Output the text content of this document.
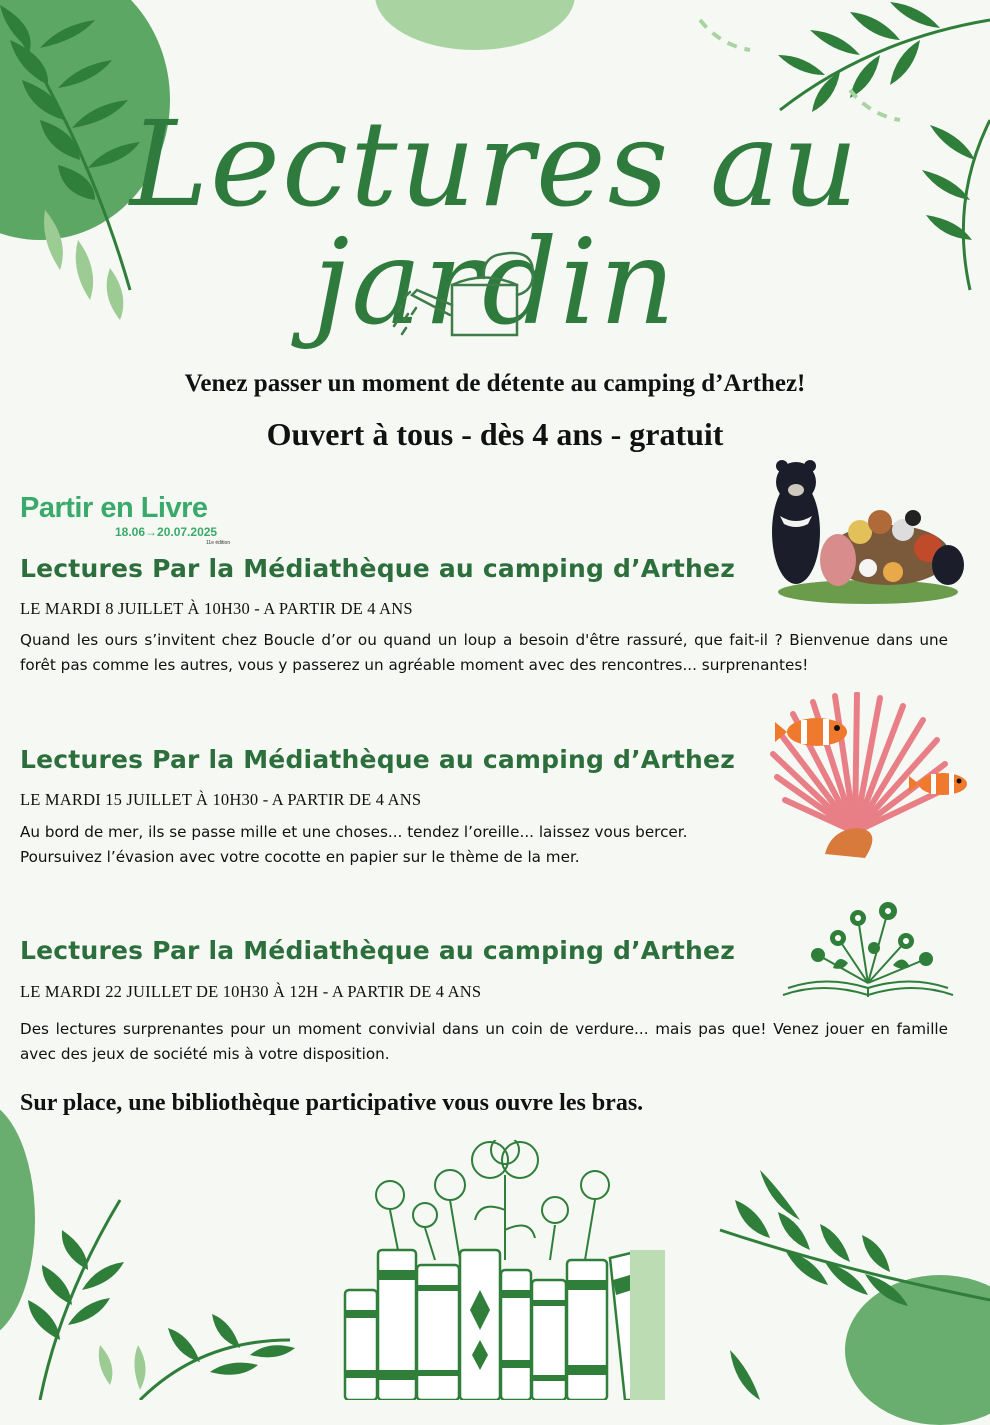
Lectures au jardin
Venez passer un moment de détente au camping d’Arthez!
Ouvert à tous - dès 4 ans - gratuit
Partir en Livre
18.06→20.07.2025
11e édition
Lectures Par la Médiathèque au camping d’Arthez
LE MARDI 8 JUILLET À 10H30 - A PARTIR DE 4 ANS

Quand les ours s’invitent chez Boucle d’or ou quand un loup a besoin d'être rassuré, que fait-il ? Bienvenue dans une forêt pas comme les autres, vous y passerez un agréable moment avec des rencontres... surprenantes!

Lectures Par la Médiathèque au camping d’Arthez
LE MARDI 15 JUILLET À 10H30 - A PARTIR DE 4 ANS

Au bord de mer, ils se passe mille et une choses... tendez l’oreille... laissez vous bercer.

Poursuivez l’évasion avec votre cocotte en papier sur le thème de la mer.

Lectures Par la Médiathèque au camping d’Arthez
LE MARDI 22 JUILLET DE 10H30 À 12H - A PARTIR DE 4 ANS

Des lectures surprenantes pour un moment convivial dans un coin de verdure... mais pas que! Venez jouer en famille avec des jeux de société mis à votre disposition.

Sur place, une bibliothèque participative vous ouvre les bras.
